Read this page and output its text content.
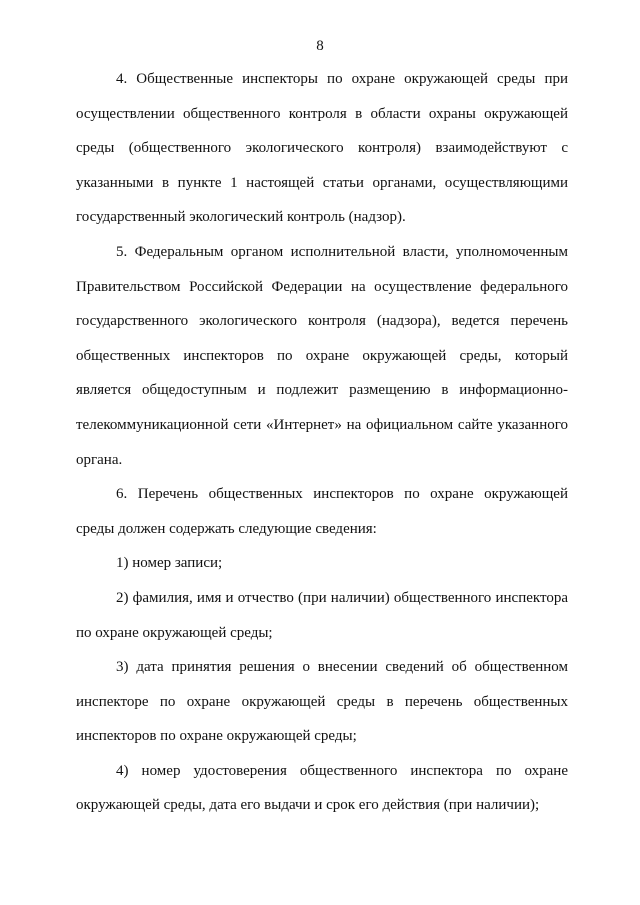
8

4. Общественные инспекторы по охране окружающей среды при осуществлении общественного контроля в области охраны окружающей среды (общественного экологического контроля) взаимодействуют с указанными в пункте 1 настоящей статьи органами, осуществляющими государственный экологический контроль (надзор).

5. Федеральным органом исполнительной власти, уполномоченным Правительством Российской Федерации на осуществление федерального государственного экологического контроля (надзора), ведется перечень общественных инспекторов по охране окружающей среды, который является общедоступным и подлежит размещению в информационно-телекоммуникационной сети «Интернет» на официальном сайте указанного органа.

6. Перечень общественных инспекторов по охране окружающей среды должен содержать следующие сведения:

1) номер записи;

2) фамилия, имя и отчество (при наличии) общественного инспектора по охране окружающей среды;

3) дата принятия решения о внесении сведений об общественном инспекторе по охране окружающей среды в перечень общественных инспекторов по охране окружающей среды;

4) номер удостоверения общественного инспектора по охране окружающей среды, дата его выдачи и срок его действия (при наличии);
